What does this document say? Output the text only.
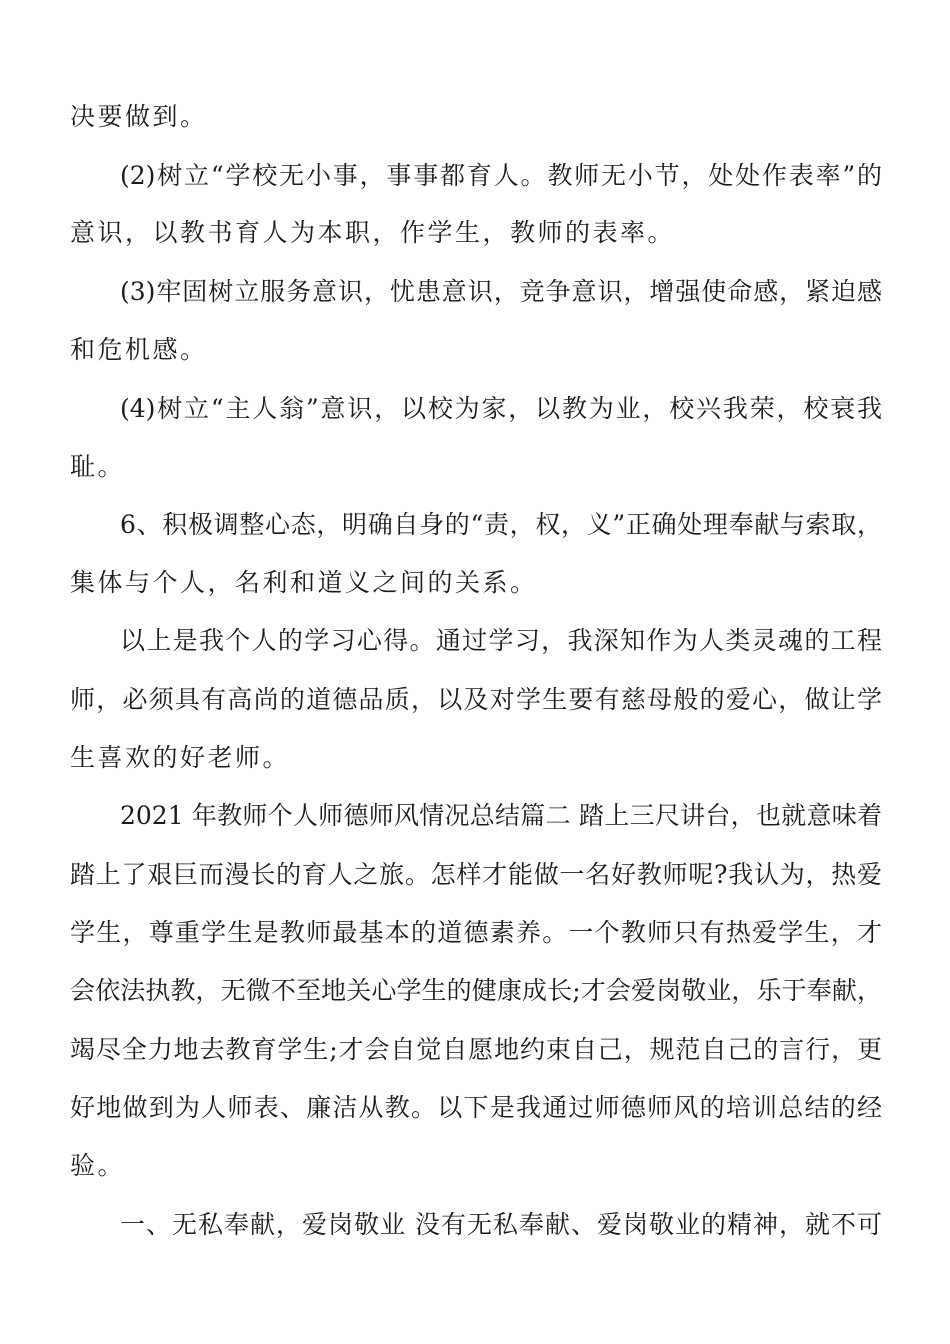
决要做到。
(2)树立“学校无小事，事事都育人。教师无小节，处处作表率”的
意识，以教书育人为本职，作学生，教师的表率。
(3)牢固树立服务意识，忧患意识，竞争意识，增强使命感，紧迫感
和危机感。
(4)树立“主人翁”意识，以校为家，以教为业，校兴我荣，校衰我
耻。
6、积极调整心态，明确自身的“责，权，义”正确处理奉献与索取，
集体与个人，名利和道义之间的关系。
以上是我个人的学习心得。通过学习，我深知作为人类灵魂的工程
师，必须具有高尚的道德品质，以及对学生要有慈母般的爱心，做让学
生喜欢的好老师。
2021 年教师个人师德师风情况总结篇二 踏上三尺讲台，也就意味着
踏上了艰巨而漫长的育人之旅。怎样才能做一名好教师呢?我认为，热爱
学生，尊重学生是教师最基本的道德素养。一个教师只有热爱学生，才
会依法执教，无微不至地关心学生的健康成长;才会爱岗敬业，乐于奉献，
竭尽全力地去教育学生;才会自觉自愿地约束自己，规范自己的言行，更
好地做到为人师表、廉洁从教。以下是我通过师德师风的培训总结的经
验。
一、无私奉献，爱岗敬业 没有无私奉献、爱岗敬业的精神，就不可
